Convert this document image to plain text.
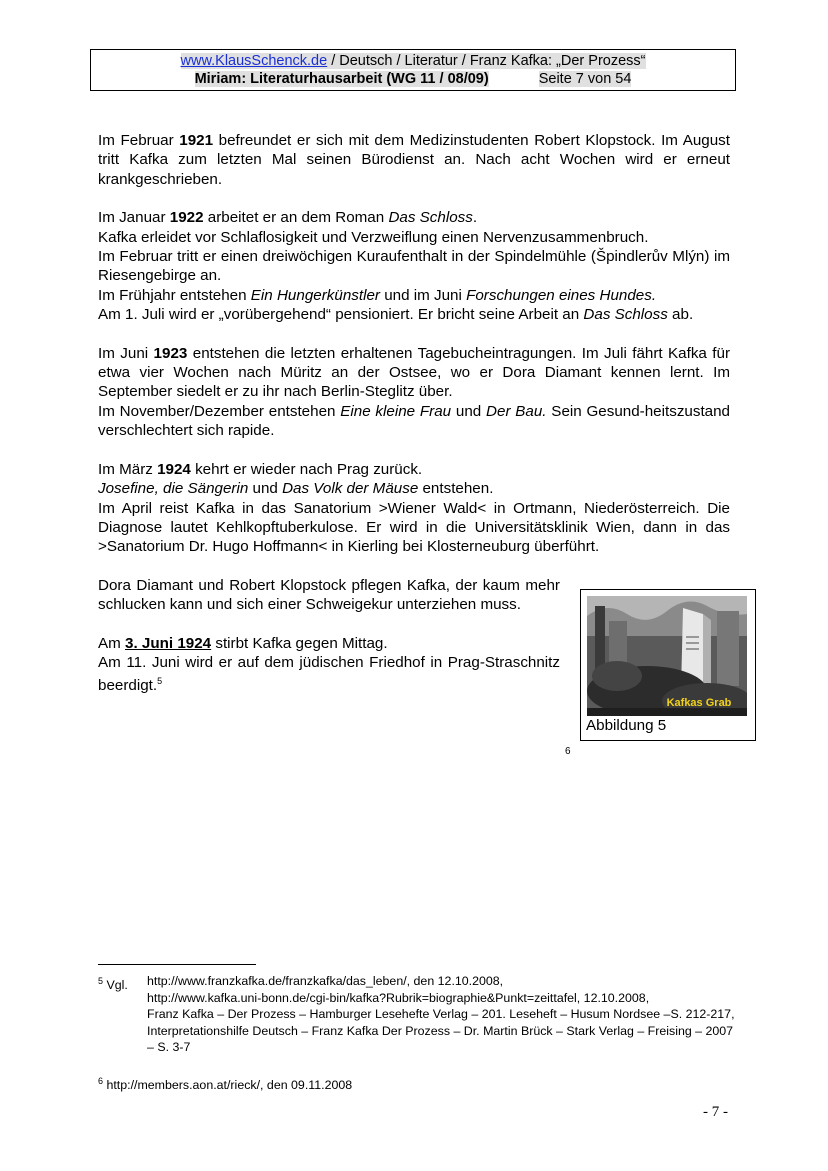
www.KlausSchenck.de / Deutsch / Literatur / Franz Kafka: „Der Prozess“
Miriam: Literaturhausarbeit (WG 11 / 08/09)	Seite 7 von 54

Im Februar 1921 befreundet er sich mit dem Medizinstudenten Robert Klopstock. Im August tritt Kafka zum letzten Mal seinen Bürodienst an. Nach acht Wochen wird er erneut krankgeschrieben.

Im Januar 1922 arbeitet er an dem Roman Das Schloss.
Kafka erleidet vor Schlaflosigkeit und Verzweiflung einen Nervenzusammenbruch.
Im Februar tritt er einen dreiwöchigen Kuraufenthalt in der Spindelmühle (Špindlerův Mlýn) im Riesengebirge an.
Im Frühjahr entstehen Ein Hungerkünstler und im Juni Forschungen eines Hundes.
Am 1. Juli wird er „vorübergehend“ pensioniert. Er bricht seine Arbeit an Das Schloss ab.

Im Juni 1923 entstehen die letzten erhaltenen Tagebucheintragungen. Im Juli fährt Kafka für etwa vier Wochen nach Müritz an der Ostsee, wo er Dora Diamant kennen lernt. Im September siedelt er zu ihr nach Berlin-Steglitz über.
Im November/Dezember entstehen Eine kleine Frau und Der Bau. Sein Gesund-heitszustand verschlechtert sich rapide.

Im März 1924 kehrt er wieder nach Prag zurück.
Josefine, die Sängerin und Das Volk der Mäuse entstehen.
Im April reist Kafka in das Sanatorium >Wiener Wald< in Ortmann, Niederösterreich. Die Diagnose lautet Kehlkopftuberkulose. Er wird in die Universitätsklinik Wien, dann in das >Sanatorium Dr. Hugo Hoffmann< in Kierling bei Klosterneuburg überführt.

Dora Diamant und Robert Klopstock pflegen Kafka, der kaum mehr schlucken kann und sich einer Schweigekur unterziehen muss.

Am 3. Juni 1924 stirbt Kafka gegen Mittag.
Am 11. Juni wird er auf dem jüdischen Friedhof in Prag-Straschnitz beerdigt.$^5$

Kafkas Grab
Abbildung 5
6
$^5$ Vgl. http://www.franzkafka.de/franzkafka/das_leben/, den 12.10.2008,
http://www.kafka.uni-bonn.de/cgi-bin/kafka?Rubrik=biographie&Punkt=zeittafel, 12.10.2008,
Franz Kafka – Der Prozess – Hamburger Lesehefte Verlag – 201. Leseheft – Husum Nordsee –S. 212-217,
Interpretationshilfe Deutsch – Franz Kafka Der Prozess – Dr. Martin Brück – Stark Verlag – Freising – 2007 – S. 3-7
$^6$ http://members.aon.at/rieck/, den 09.11.2008
- 7 -
